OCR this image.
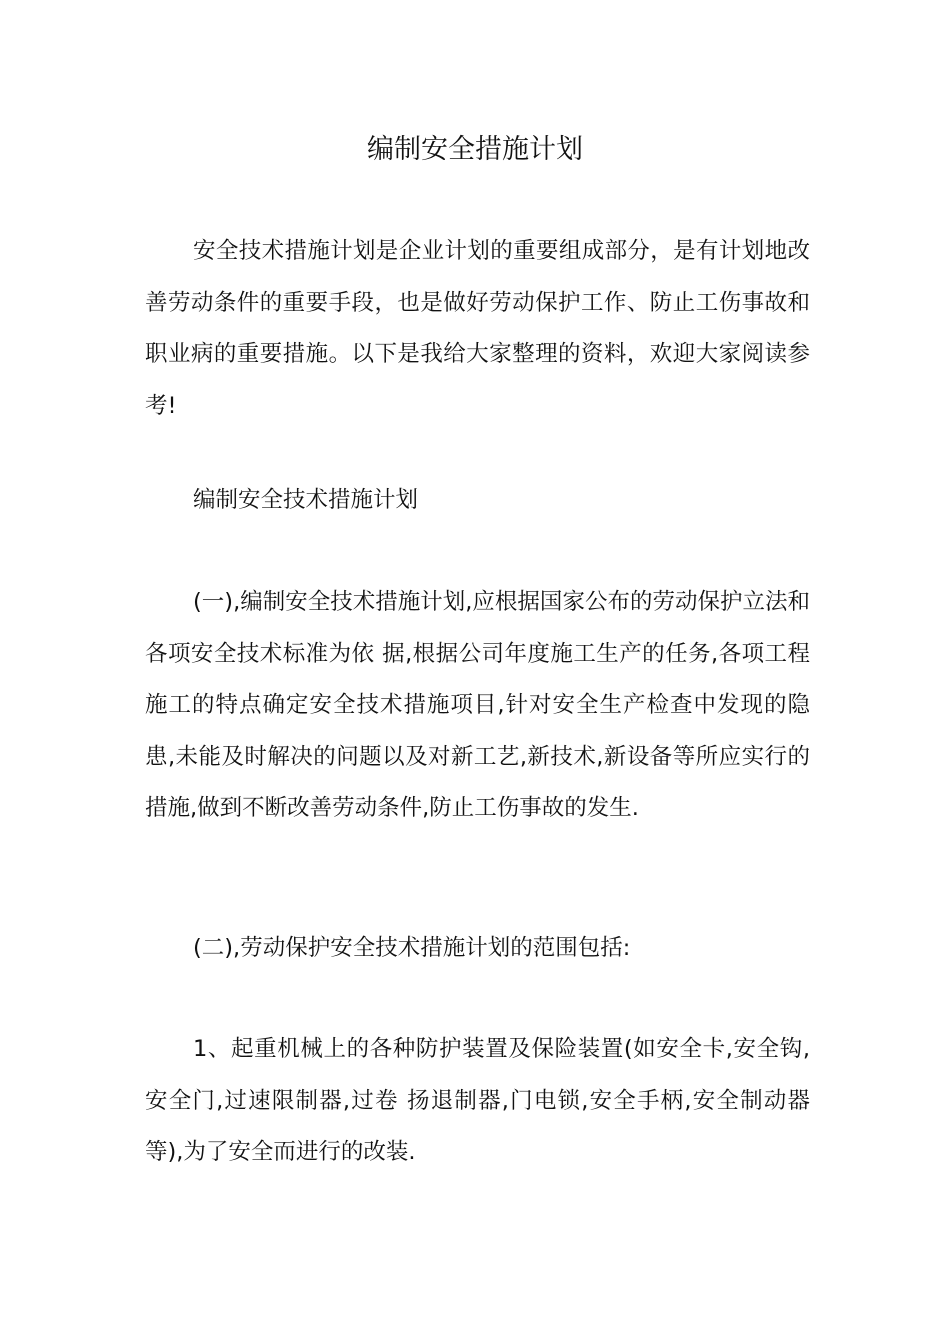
编制安全措施计划

安全技术措施计划是企业计划的重要组成部分，是有计划地改善劳动条件的重要手段，也是做好劳动保护工作、防止工伤事故和职业病的重要措施。以下是我给大家整理的资料，欢迎大家阅读参考!

编制安全技术措施计划

(一),编制安全技术措施计划,应根据国家公布的劳动保护立法和各项安全技术标准为依 据,根据公司年度施工生产的任务,各项工程施工的特点确定安全技术措施项目,针对安全生产检查中发现的隐患,未能及时解决的问题以及对新工艺,新技术,新设备等所应实行的 措施,做到不断改善劳动条件,防止工伤事故的发生.

(二),劳动保护安全技术措施计划的范围包括:

1、起重机械上的各种防护装置及保险装置(如安全卡,安全钩,安全门,过速限制器,过卷 扬退制器,门电锁,安全手柄,安全制动器等),为了安全而进行的改装.
